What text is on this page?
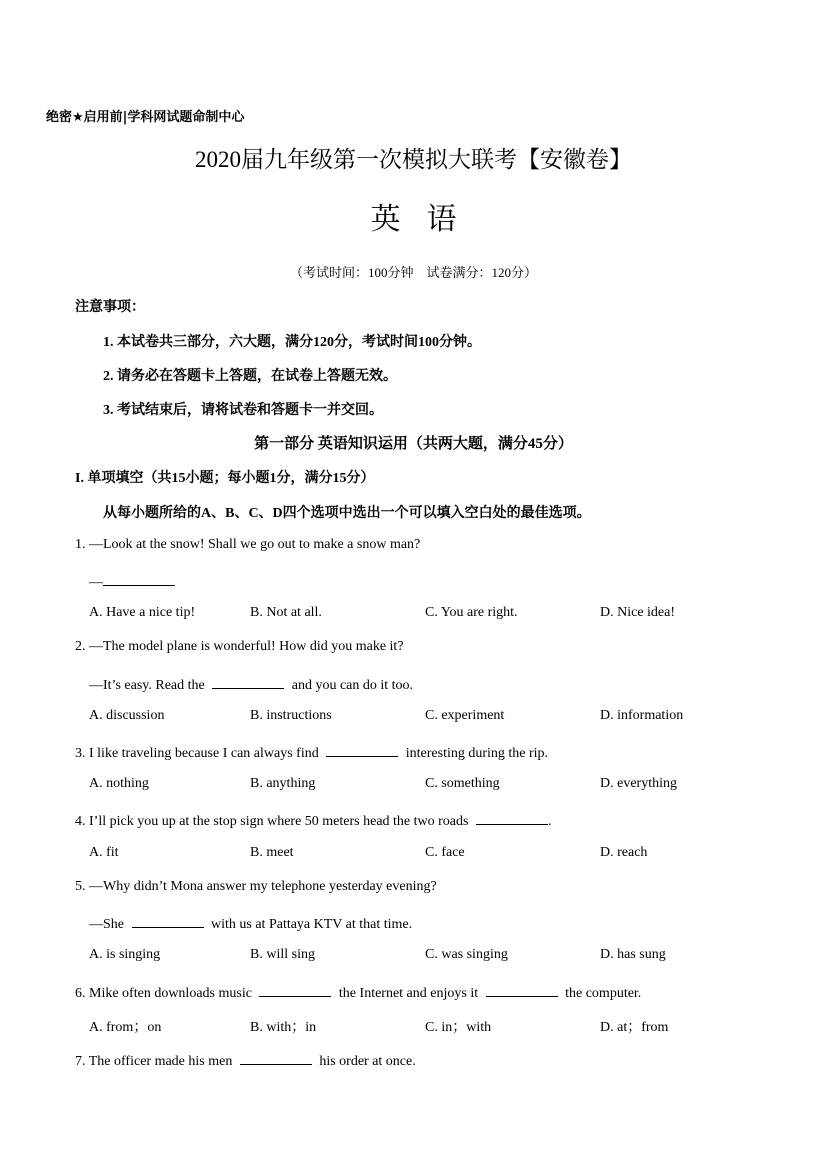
绝密★启用前|学科网试题命制中心
2020届九年级第一次模拟大联考【安徽卷】
英语
（考试时间：100分钟　试卷满分：120分）
注意事项：
1. 本试卷共三部分，六大题，满分120分，考试时间100分钟。
2. 请务必在答题卡上答题，在试卷上答题无效。
3. 考试结束后，请将试卷和答题卡一并交回。
第一部分 英语知识运用（共两大题，满分45分）
I. 单项填空（共15小题；每小题1分，满分15分）
从每小题所给的A、B、C、D四个选项中选出一个可以填入空白处的最佳选项。
1. —Look at the snow! Shall we go out to make a snow man?
—
A. Have a nice tip!	B. Not at all.	C. You are right.	D. Nice idea!
2. —The model plane is wonderful! How did you make it?
—It’s easy. Read the	and you can do it too.
A. discussion	B. instructions	C. experiment	D. information
3. I like traveling because I can always find	interesting during the rip.
A. nothing	B. anything	C. something	D. everything
4. I’ll pick you up at the stop sign where 50 meters head the two roads	.
A. fit	B. meet	C. face	D. reach
5. —Why didn’t Mona answer my telephone yesterday evening?
—She	with us at Pattaya KTV at that time.
A. is singing	B. will sing	C. was singing	D. has sung
6. Mike often downloads music	the Internet and enjoys it	the computer.
A. from；on	B. with；in	C. in；with	D. at；from
7. The officer made his men	his order at once.
